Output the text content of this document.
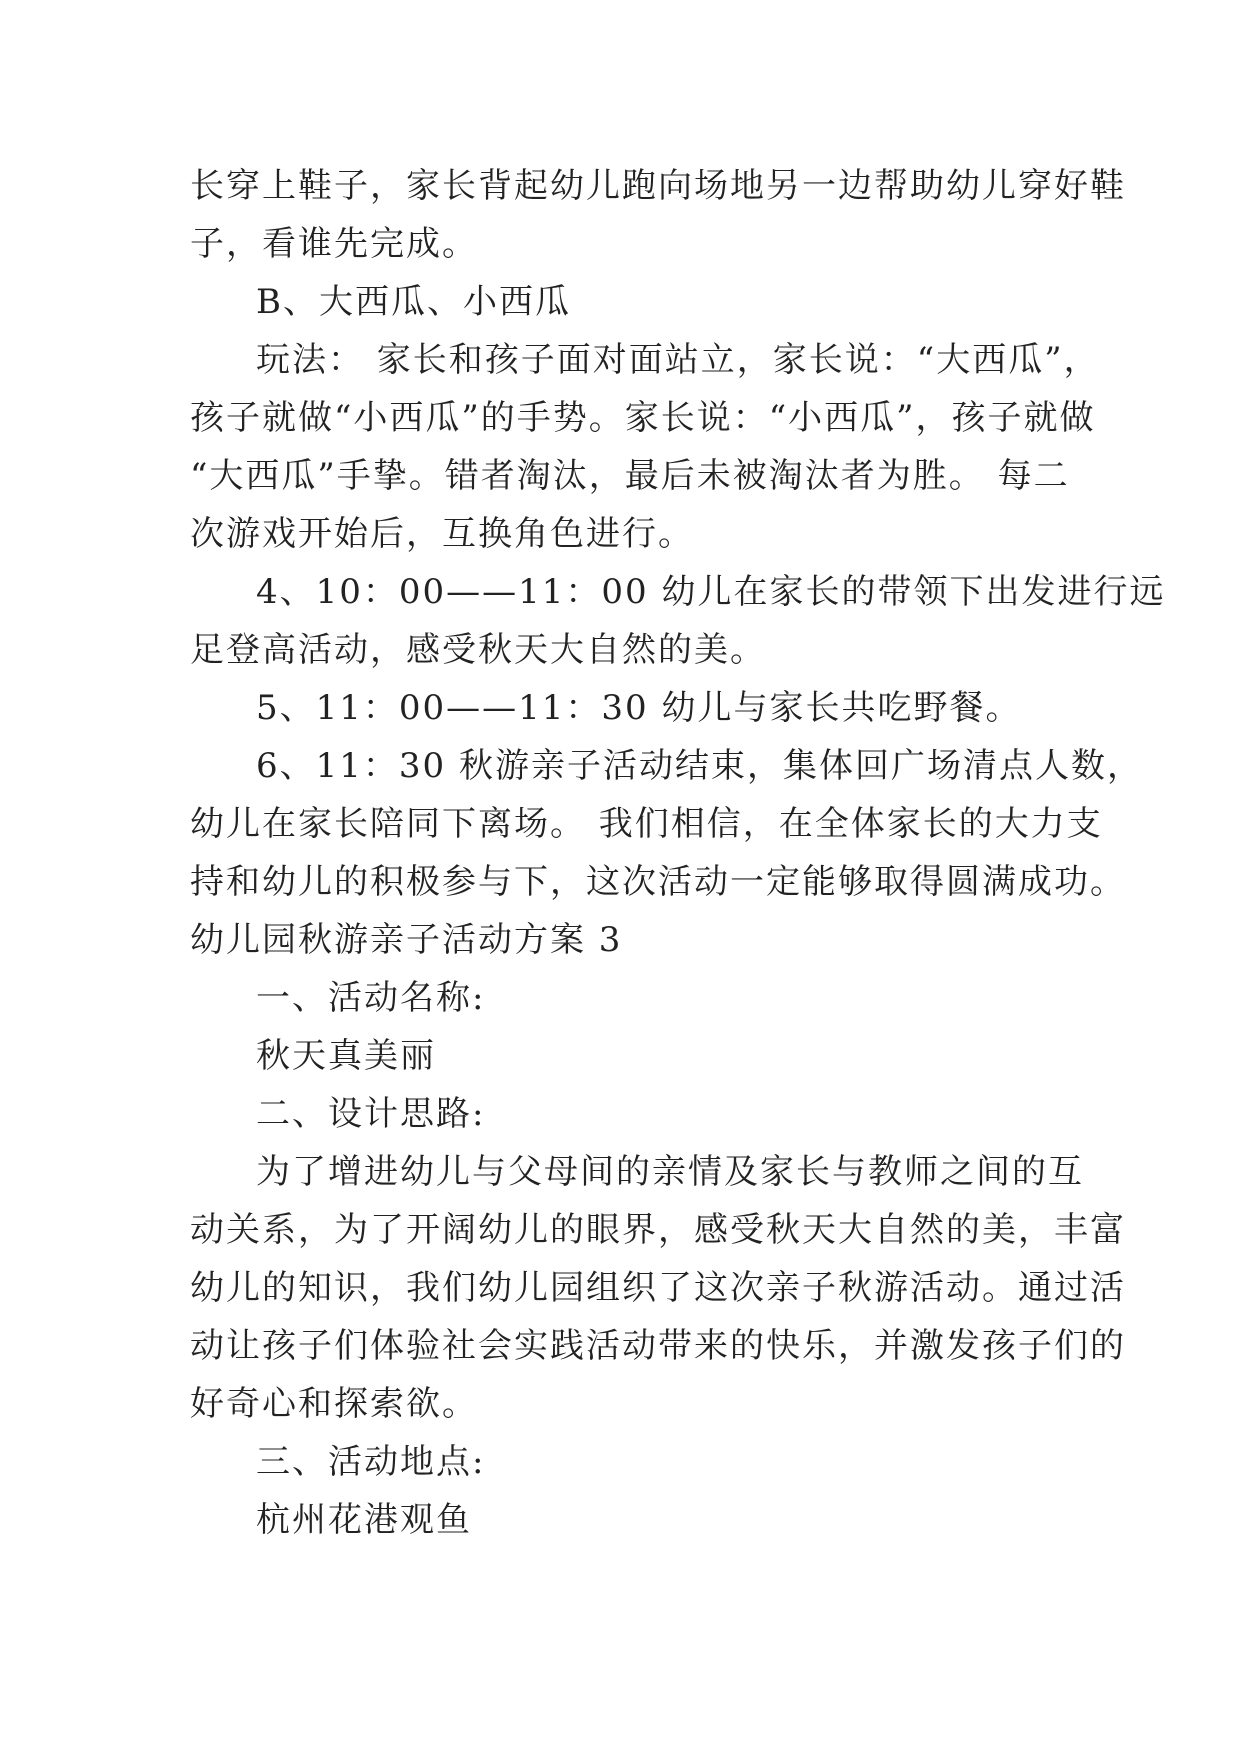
长穿上鞋子，家长背起幼儿跑向场地另一边帮助幼儿穿好鞋
子，看谁先完成。
B、大西瓜、小西瓜
玩法： 家长和孩子面对面站立，家长说：“大西瓜”，
孩子就做“小西瓜”的手势。家长说：“小西瓜”，孩子就做
“大西瓜”手挚。错者淘汰，最后未被淘汰者为胜。 每二
次游戏开始后，互换角色进行。
4、10：00——11：00 幼儿在家长的带领下出发进行远
足登高活动，感受秋天大自然的美。
5、11：00——11：30 幼儿与家长共吃野餐。
6、11：30 秋游亲子活动结束，集体回广场清点人数，
幼儿在家长陪同下离场。 我们相信，在全体家长的大力支
持和幼儿的积极参与下，这次活动一定能够取得圆满成功。
幼儿园秋游亲子活动方案 3
一、活动名称:
秋天真美丽
二、设计思路:
为了增进幼儿与父母间的亲情及家长与教师之间的互
动关系，为了开阔幼儿的眼界，感受秋天大自然的美，丰富
幼儿的知识，我们幼儿园组织了这次亲子秋游活动。通过活
动让孩子们体验社会实践活动带来的快乐，并激发孩子们的
好奇心和探索欲。
三、活动地点:
杭州花港观鱼
